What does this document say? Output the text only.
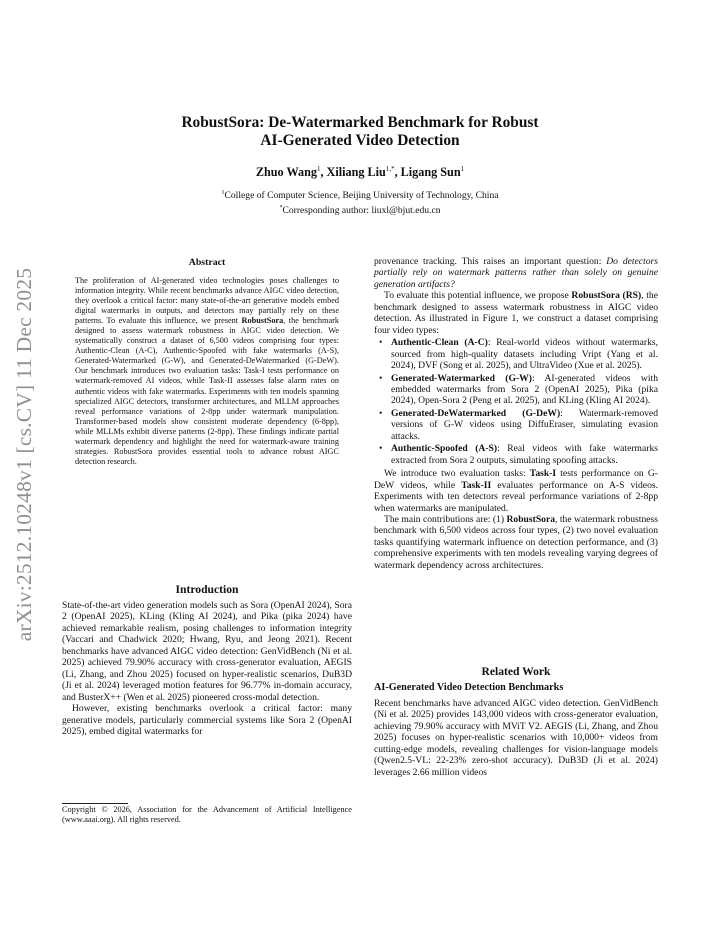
arXiv:2512.10248v1 [cs.CV] 11 Dec 2025
RobustSora: De-Watermarked Benchmark for Robust
AI-Generated Video Detection

Zhuo Wang$^1$, Xiliang Liu$^{1,*}$, Ligang Sun$^1$

$^1$College of Computer Science, Beijing University of Technology, China
*Corresponding author: liuxl@bjut.edu.cn

Abstract

The proliferation of AI-generated video technologies poses challenges to information integrity. While recent benchmarks advance AIGC video detection, they overlook a critical factor: many state-of-the-art generative models embed digital watermarks in outputs, and detectors may partially rely on these patterns. To evaluate this influence, we present RobustSora, the benchmark designed to assess watermark robustness in AIGC video detection. We systematically construct a dataset of 6,500 videos comprising four types: Authentic-Clean (A-C), Authentic-Spoofed with fake watermarks (A-S), Generated-Watermarked (G-W), and Generated-DeWatermarked (G-DeW). Our benchmark introduces two evaluation tasks: Task-I tests performance on watermark-removed AI videos, while Task-II assesses false alarm rates on authentic videos with fake watermarks. Experiments with ten models spanning specialized AIGC detectors, transformer architectures, and MLLM approaches reveal performance variations of 2-8pp under watermark manipulation. Transformer-based models show consistent moderate dependency (6-8pp), while MLLMs exhibit diverse patterns (2-8pp). These findings indicate partial watermark dependency and highlight the need for watermark-aware training strategies. RobustSora provides essential tools to advance robust AIGC detection research.

Introduction

State-of-the-art video generation models such as Sora (OpenAI 2024), Sora 2 (OpenAI 2025), KLing (Kling AI 2024), and Pika (pika 2024) have achieved remarkable realism, posing challenges to information integrity (Vaccari and Chadwick 2020; Hwang, Ryu, and Jeong 2021). Recent benchmarks have advanced AIGC video detection: GenVidBench (Ni et al. 2025) achieved 79.90% accuracy with cross-generator evaluation, AEGIS (Li, Zhang, and Zhou 2025) focused on hyper-realistic scenarios, DuB3D (Ji et al. 2024) leveraged motion features for 96.77% in-domain accuracy, and BusterX++ (Wen et al. 2025) pioneered cross-modal detection.

However, existing benchmarks overlook a critical factor: many generative models, particularly commercial systems like Sora 2 (OpenAI 2025), embed digital watermarks for

Copyright © 2026, Association for the Advancement of Artificial Intelligence (www.aaai.org). All rights reserved.

provenance tracking. This raises an important question: Do detectors partially rely on watermark patterns rather than solely on genuine generation artifacts?

To evaluate this potential influence, we propose RobustSora (RS), the benchmark designed to assess watermark robustness in AIGC video detection. As illustrated in Figure 1, we construct a dataset comprising four video types:

• Authentic-Clean (A-C): Real-world videos without watermarks, sourced from high-quality datasets including Vript (Yang et al. 2024), DVF (Song et al. 2025), and UltraVideo (Xue et al. 2025).
• Generated-Watermarked (G-W): AI-generated videos with embedded watermarks from Sora 2 (OpenAI 2025), Pika (pika 2024), Open-Sora 2 (Peng et al. 2025), and KLing (Kling AI 2024).
• Generated-DeWatermarked (G-DeW): Watermark-removed versions of G-W videos using DiffuEraser, simulating evasion attacks.
• Authentic-Spoofed (A-S): Real videos with fake watermarks extracted from Sora 2 outputs, simulating spoofing attacks.

We introduce two evaluation tasks: Task-I tests performance on G-DeW videos, while Task-II evaluates performance on A-S videos. Experiments with ten detectors reveal performance variations of 2-8pp when watermarks are manipulated.

The main contributions are: (1) RobustSora, the watermark robustness benchmark with 6,500 videos across four types, (2) two novel evaluation tasks quantifying watermark influence on detection performance, and (3) comprehensive experiments with ten models revealing varying degrees of watermark dependency across architectures.

Related Work
AI-Generated Video Detection Benchmarks

Recent benchmarks have advanced AIGC video detection. GenVidBench (Ni et al. 2025) provides 143,000 videos with cross-generator evaluation, achieving 79.90% accuracy with MViT V2. AEGIS (Li, Zhang, and Zhou 2025) focuses on hyper-realistic scenarios with 10,000+ videos from cutting-edge models, revealing challenges for vision-language models (Qwen2.5-VL: 22-23% zero-shot accuracy). DuB3D (Ji et al. 2024) leverages 2.66 million videos
